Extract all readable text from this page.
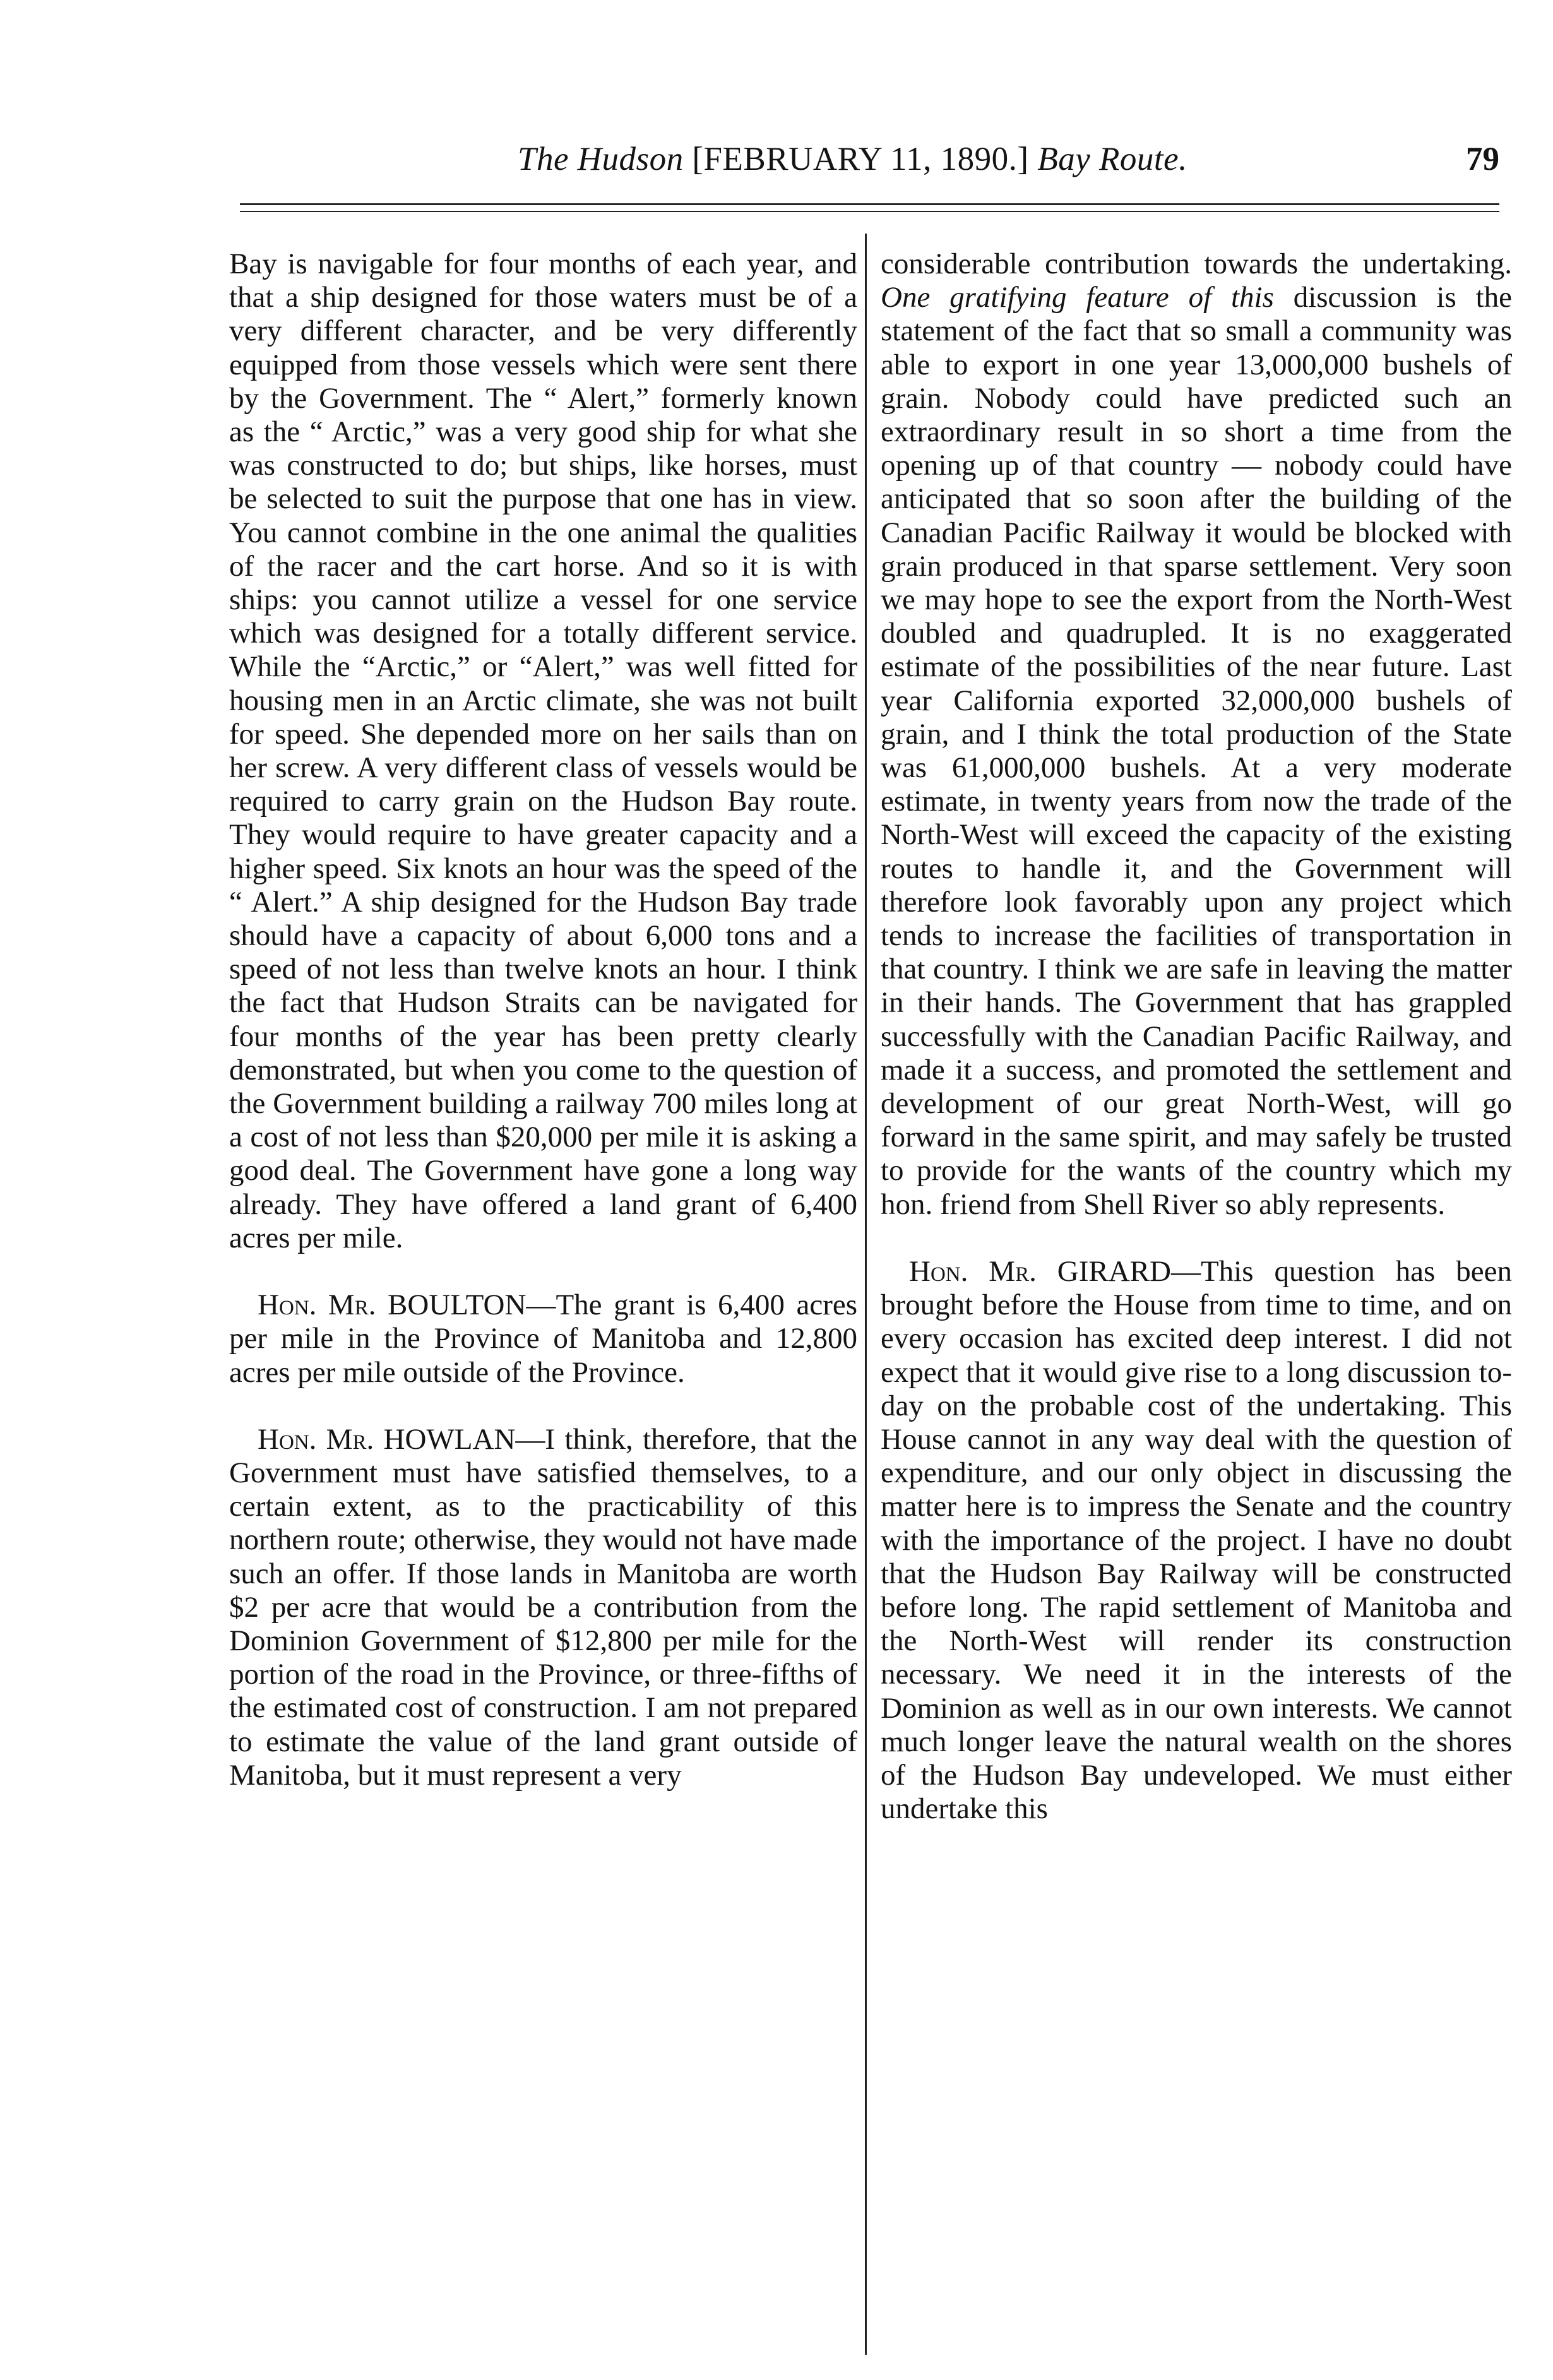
The Hudson [FEBRUARY 11, 1890.] Bay Route.	79

Bay is navigable for four months of each year, and that a ship designed for those waters must be of a very different character, and be very differently equipped from those vessels which were sent there by the Government. The “ Alert,” formerly known as the “ Arctic,” was a very good ship for what she was constructed to do; but ships, like horses, must be selected to suit the purpose that one has in view. You cannot combine in the one animal the qualities of the racer and the cart horse. And so it is with ships: you cannot utilize a vessel for one service which was designed for a totally different service. While the “Arctic,” or “Alert,” was well fitted for housing men in an Arctic climate, she was not built for speed. She depended more on her sails than on her screw. A very different class of vessels would be required to carry grain on the Hudson Bay route. They would require to have greater capacity and a higher speed. Six knots an hour was the speed of the “ Alert.” A ship designed for the Hudson Bay trade should have a capacity of about 6,000 tons and a speed of not less than twelve knots an hour. I think the fact that Hudson Straits can be navigated for four months of the year has been pretty clearly demonstrated, but when you come to the question of the Government building a railway 700 miles long at a cost of not less than $20,000 per mile it is asking a good deal. The Government have gone a long way already. They have offered a land grant of 6,400 acres per mile.

Hon. Mr. BOULTON—The grant is 6,400 acres per mile in the Province of Manitoba and 12,800 acres per mile outside of the Province.

Hon. Mr. HOWLAN—I think, therefore, that the Government must have satisfied themselves, to a certain extent, as to the practicability of this northern route; otherwise, they would not have made such an offer. If those lands in Manitoba are worth $2 per acre that would be a contribution from the Dominion Government of $12,800 per mile for the portion of the road in the Province, or three-fifths of the estimated cost of construction. I am not prepared to estimate the value of the land grant outside of Manitoba, but it must represent a very

considerable contribution towards the undertaking. One gratifying feature of this discussion is the statement of the fact that so small a community was able to export in one year 13,000,000 bushels of grain. Nobody could have predicted such an extraordinary result in so short a time from the opening up of that country — nobody could have anticipated that so soon after the building of the Canadian Pacific Railway it would be blocked with grain produced in that sparse settlement. Very soon we may hope to see the export from the North-West doubled and quadrupled. It is no exaggerated estimate of the possibilities of the near future. Last year California exported 32,000,000 bushels of grain, and I think the total production of the State was 61,000,000 bushels. At a very moderate estimate, in twenty years from now the trade of the North-West will exceed the capacity of the existing routes to handle it, and the Government will therefore look favorably upon any project which tends to increase the facilities of transportation in that country. I think we are safe in leaving the matter in their hands. The Government that has grappled successfully with the Canadian Pacific Railway, and made it a success, and promoted the settlement and development of our great North-West, will go forward in the same spirit, and may safely be trusted to provide for the wants of the country which my hon. friend from Shell River so ably represents.

Hon. Mr. GIRARD—This question has been brought before the House from time to time, and on every occasion has excited deep interest. I did not expect that it would give rise to a long discussion to-day on the probable cost of the undertaking. This House cannot in any way deal with the question of expenditure, and our only object in discussing the matter here is to impress the Senate and the country with the importance of the project. I have no doubt that the Hudson Bay Railway will be constructed before long. The rapid settlement of Manitoba and the North-West will render its construction necessary. We need it in the interests of the Dominion as well as in our own interests. We cannot much longer leave the natural wealth on the shores of the Hudson Bay undeveloped. We must either undertake this
